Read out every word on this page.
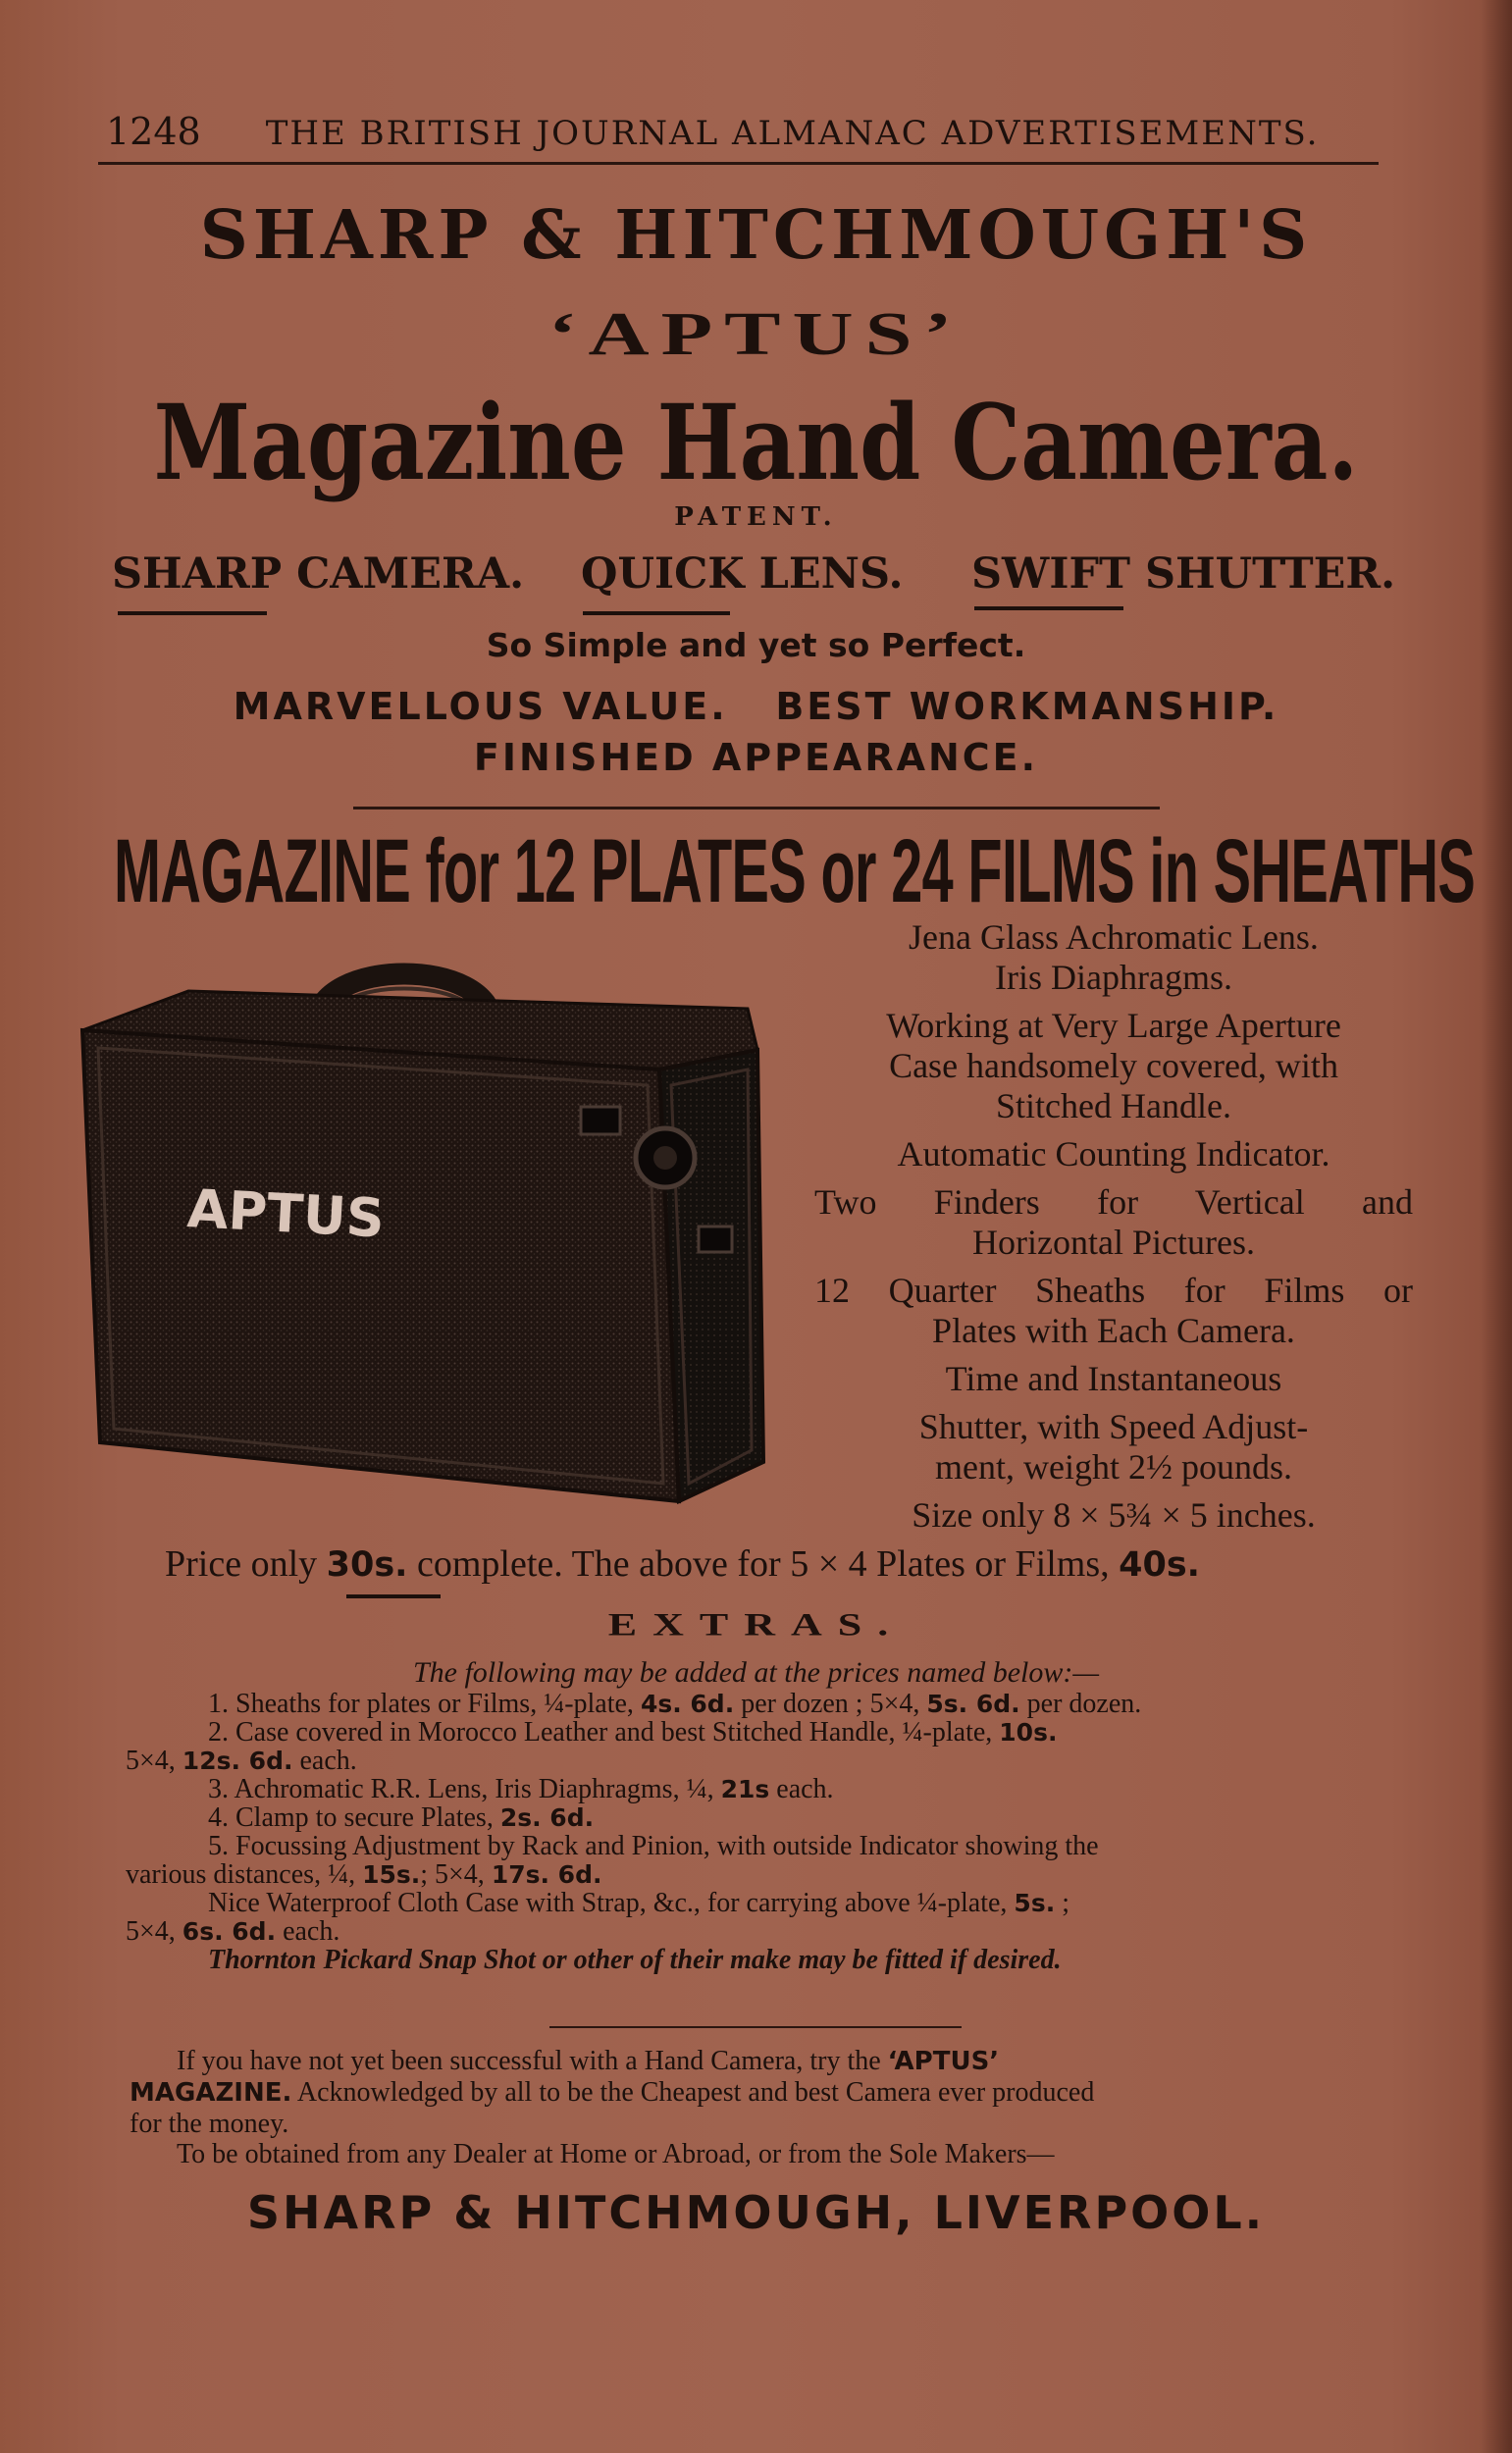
1248 THE BRITISH JOURNAL ALMANAC ADVERTISEMENTS.
SHARP & HITCHMOUGH'S
‘APTUS’
Magazine Hand Camera.
PATENT.
SHARP CAMERA. QUICK LENS. SWIFT SHUTTER.
So Simple and yet so Perfect.
MARVELLOUS VALUE.   BEST WORKMANSHIP.
FINISHED APPEARANCE.
MAGAZINE for 12 PLATES or 24 FILMS in SHEATHS
APTUS
Jena Glass Achromatic Lens.
Iris Diaphragms.
Working at Very Large Aperture
Case handsomely covered, with
Stitched Handle.
Automatic Counting Indicator.
Two Finders for Vertical and
Horizontal Pictures.
12 Quarter Sheaths for Films or
Plates with Each Camera.
Time and Instantaneous
Shutter, with Speed Adjust-
ment, weight 2½ pounds.
Size only 8 × 5¾ × 5 inches.
Price only 30s. complete. The above for 5 × 4 Plates or Films, 40s.
EXTRAS.
The following may be added at the prices named below:—
1. Sheaths for plates or Films, ¼-plate, 4s. 6d. per dozen ; 5×4, 5s. 6d. per dozen.
2. Case covered in Morocco Leather and best Stitched Handle, ¼-plate, 10s.
5×4, 12s. 6d. each.
3. Achromatic R.R. Lens, Iris Diaphragms, ¼, 21s each.
4. Clamp to secure Plates, 2s. 6d.
5. Focussing Adjustment by Rack and Pinion, with outside Indicator showing the
various distances, ¼, 15s.; 5×4, 17s. 6d.
Nice Waterproof Cloth Case with Strap, &c., for carrying above ¼-plate, 5s. ;
5×4, 6s. 6d. each.
Thornton Pickard Snap Shot or other of their make may be fitted if desired.
If you have not yet been successful with a Hand Camera, try the ‘APTUS’
MAGAZINE. Acknowledged by all to be the Cheapest and best Camera ever produced
for the money.
To be obtained from any Dealer at Home or Abroad, or from the Sole Makers—
SHARP & HITCHMOUGH, LIVERPOOL.
